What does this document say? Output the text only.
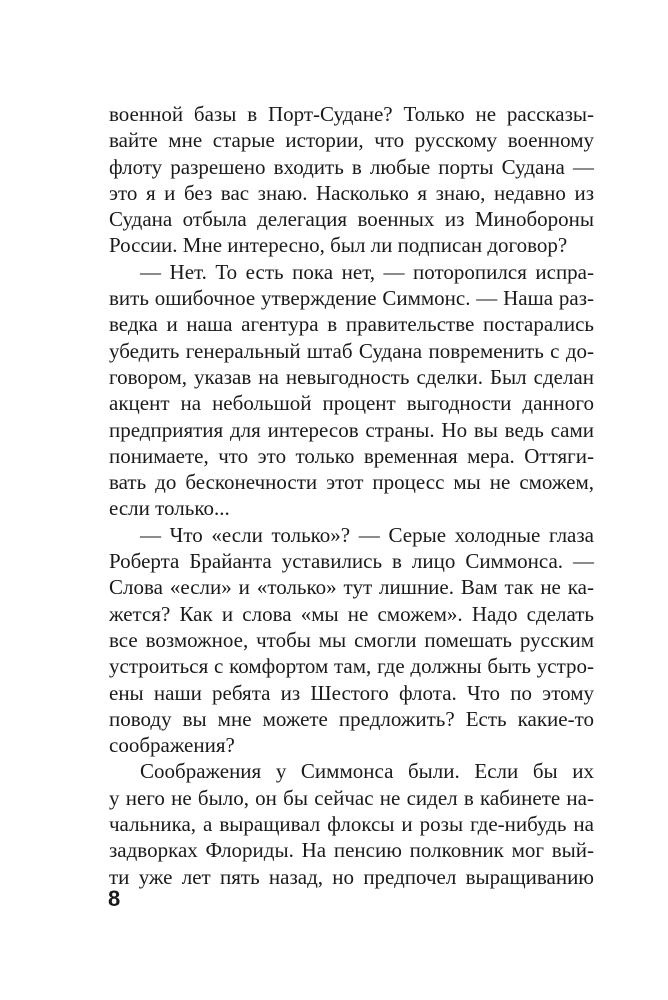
военной базы в Порт-Судане? Только не рассказы-
вайте мне старые истории, что русскому военному
флоту разрешено входить в любые порты Судана —
это я и без вас знаю. Насколько я знаю, недавно из
Судана отбыла делегация военных из Минобороны
России. Мне интересно, был ли подписан договор?
— Нет. То есть пока нет, — поторопился испра-
вить ошибочное утверждение Симмонс. — Наша раз-
ведка и наша агентура в правительстве постарались
убедить генеральный штаб Судана повременить с до-
говором, указав на невыгодность сделки. Был сделан
акцент на небольшой процент выгодности данного
предприятия для интересов страны. Но вы ведь сами
понимаете, что это только временная мера. Оттяги-
вать до бесконечности этот процесс мы не сможем,
если только...
— Что «если только»? — Серые холодные глаза
Роберта Брайанта уставились в лицо Симмонса. —
Слова «если» и «только» тут лишние. Вам так не ка-
жется? Как и слова «мы не сможем». Надо сделать
все возможное, чтобы мы смогли помешать русским
устроиться с комфортом там, где должны быть устро-
ены наши ребята из Шестого флота. Что по этому
поводу вы мне можете предложить? Есть какие-то
соображения?
Соображения у Симмонса были. Если бы их
у него не было, он бы сейчас не сидел в кабинете на-
чальника, а выращивал флоксы и розы где-нибудь на
задворках Флориды. На пенсию полковник мог вый-
ти уже лет пять назад, но предпочел выращиванию
8
